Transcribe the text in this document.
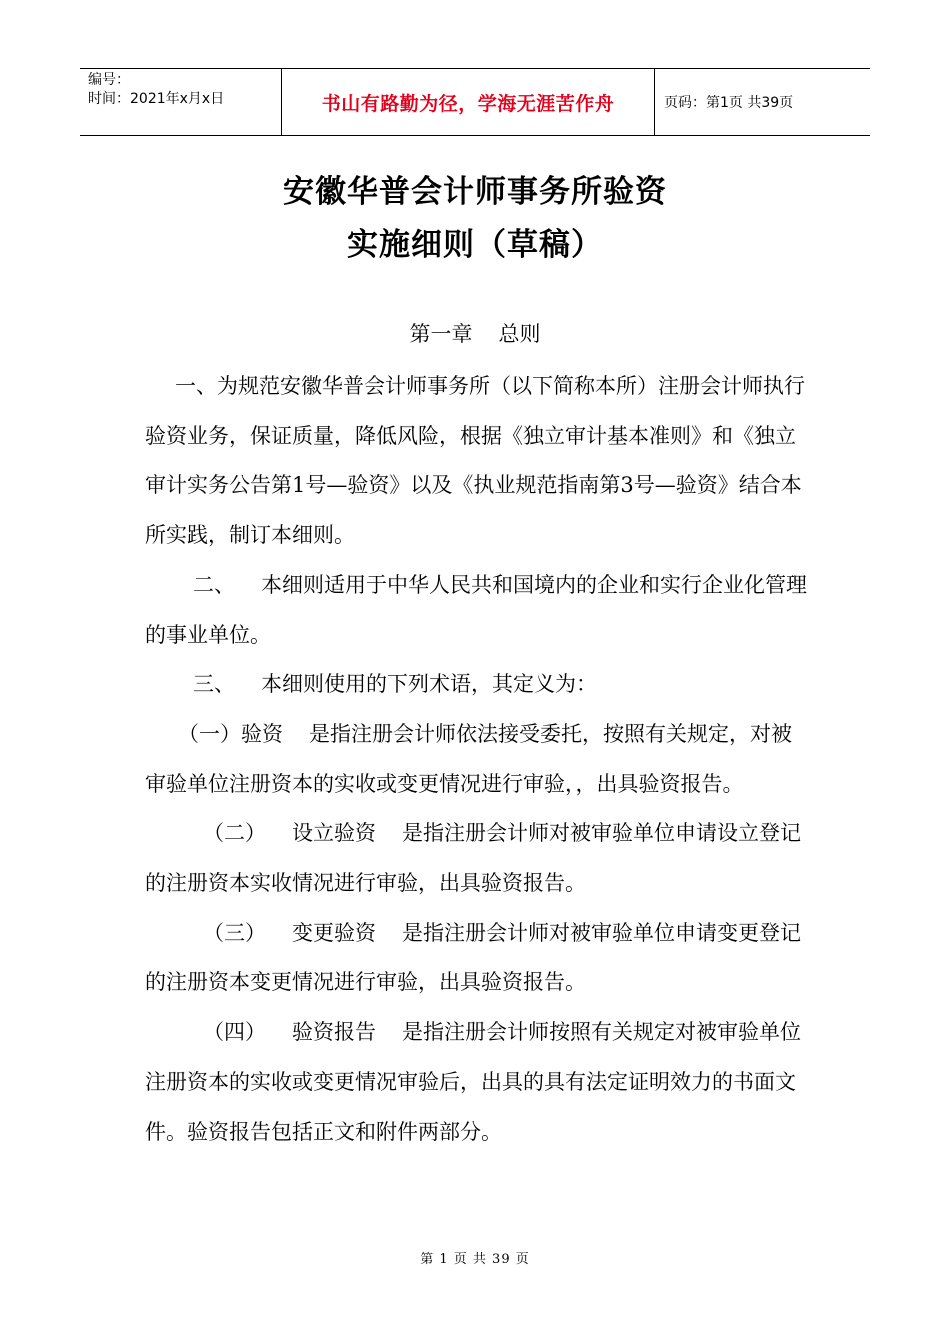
编号：
时间：2021年x月x日	书山有路勤为径，学海无涯苦作舟	页码：第1页 共39页
安徽华普会计师事务所验资
实施细则（草稿）
第一章 总则

一、为规范安徽华普会计师事务所（以下简称本所）注册会计师执行验资业务，保证质量，降低风险，根据《独立审计基本准则》和《独立审计实务公告第1号—验资》以及《执业规范指南第3号—验资》结合本所实践，制订本细则。

二、 本细则适用于中华人民共和国境内的企业和实行企业化管理的事业单位。

三、 本细则使用的下列术语，其定义为：

（一）验资 是指注册会计师依法接受委托，按照有关规定，对被审验单位注册资本的实收或变更情况进行审验，，出具验资报告。

（二） 设立验资 是指注册会计师对被审验单位申请设立登记的注册资本实收情况进行审验，出具验资报告。

（三） 变更验资 是指注册会计师对被审验单位申请变更登记的注册资本变更情况进行审验，出具验资报告。

（四） 验资报告 是指注册会计师按照有关规定对被审验单位注册资本的实收或变更情况审验后，出具的具有法定证明效力的书面文件。验资报告包括正文和附件两部分。

第 1 页 共 39 页
